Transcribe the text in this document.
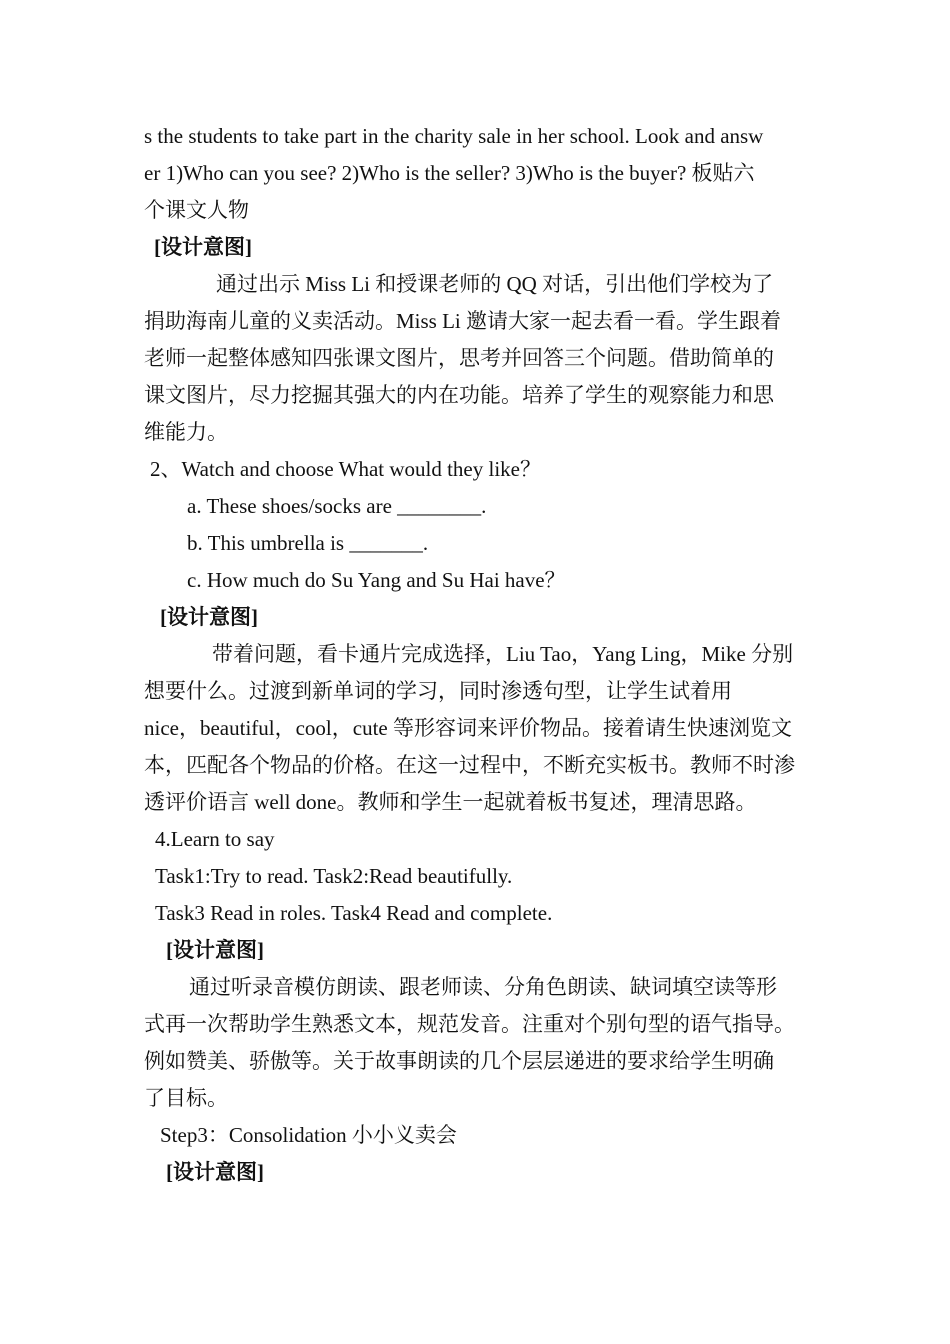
s the students to take part in the charity sale in her school. Look and answ
er 1)Who can you see? 2)Who is the seller? 3)Who is the buyer? 板贴六
个课文人物
[设计意图]
通过出示 Miss Li 和授课老师的 QQ 对话，引出他们学校为了
捐助海南儿童的义卖活动。Miss Li 邀请大家一起去看一看。学生跟着
老师一起整体感知四张课文图片，思考并回答三个问题。借助简单的
课文图片，尽力挖掘其强大的内在功能。培养了学生的观察能力和思
维能力。
2、Watch and choose What would they like？
a. These shoes/socks are ________.
b. This umbrella is _______.
c. How much do Su Yang and Su Hai have？
[设计意图]
带着问题，看卡通片完成选择，Liu Tao，Yang Ling，Mike 分别
想要什么。过渡到新单词的学习，同时渗透句型，让学生试着用
nice，beautiful，cool，cute 等形容词来评价物品。接着请生快速浏览文
本，匹配各个物品的价格。在这一过程中，不断充实板书。教师不时渗
透评价语言 well done。教师和学生一起就着板书复述，理清思路。
4.Learn to say
Task1:Try to read. Task2:Read beautifully.
Task3 Read in roles. Task4 Read and complete.
[设计意图]
通过听录音模仿朗读、跟老师读、分角色朗读、缺词填空读等形
式再一次帮助学生熟悉文本，规范发音。注重对个别句型的语气指导。
例如赞美、骄傲等。关于故事朗读的几个层层递进的要求给学生明确
了目标。
Step3：Consolidation 小小义卖会
[设计意图]
